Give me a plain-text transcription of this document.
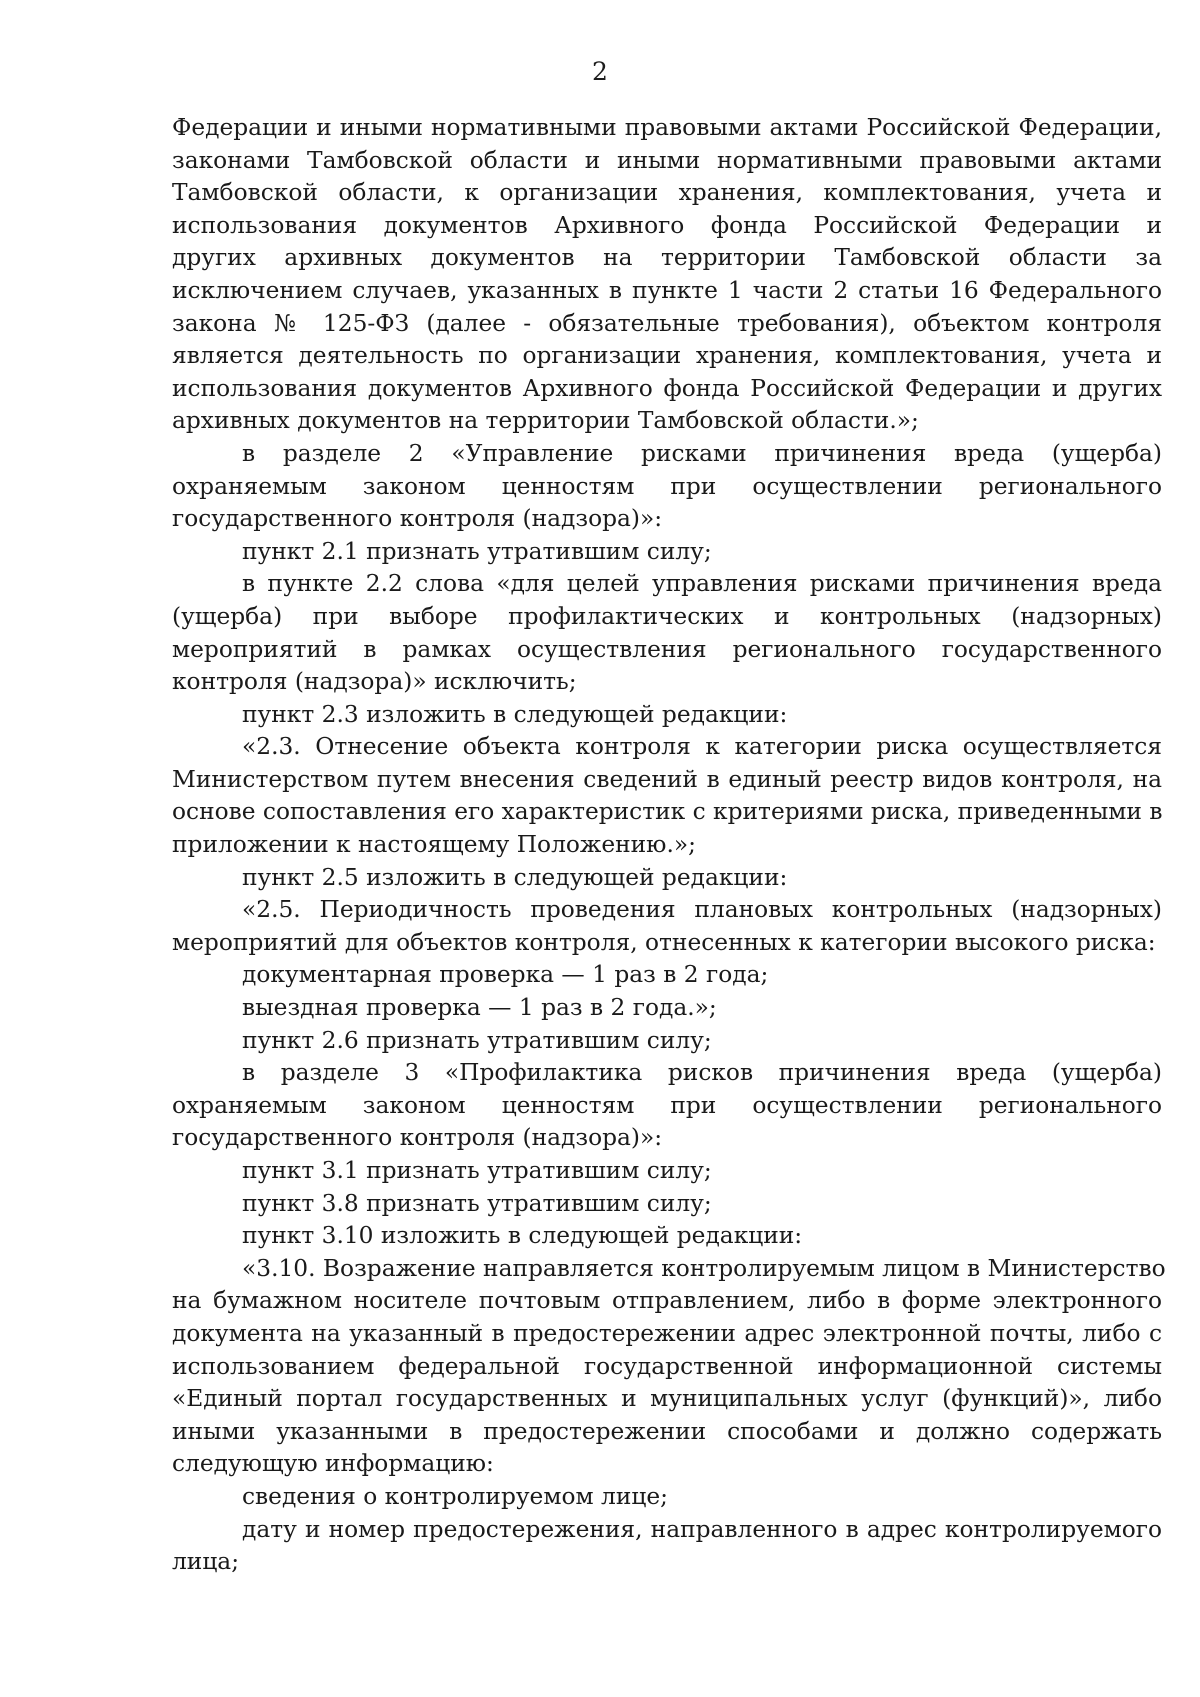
2
Федерации и иными нормативными правовыми актами Российской Федерации,
законами Тамбовской области и иными нормативными правовыми актами
Тамбовской области, к организации хранения, комплектования, учета и
использования документов Архивного фонда Российской Федерации и
других архивных документов на территории Тамбовской области за
исключением случаев, указанных в пункте 1 части 2 статьи 16 Федерального
закона № 125-ФЗ (далее - обязательные требования), объектом контроля
является деятельность по организации хранения, комплектования, учета и
использования документов Архивного фонда Российской Федерации и других
архивных документов на территории Тамбовской области.»;
в разделе 2 «Управление рисками причинения вреда (ущерба)
охраняемым законом ценностям при осуществлении регионального
государственного контроля (надзора)»:
пункт 2.1 признать утратившим силу;
в пункте 2.2 слова «для целей управления рисками причинения вреда
(ущерба) при выборе профилактических и контрольных (надзорных)
мероприятий в рамках осуществления регионального государственного
контроля (надзора)» исключить;
пункт 2.3 изложить в следующей редакции:
«2.3. Отнесение объекта контроля к категории риска осуществляется
Министерством путем внесения сведений в единый реестр видов контроля, на
основе сопоставления его характеристик с критериями риска, приведенными в
приложении к настоящему Положению.»;
пункт 2.5 изложить в следующей редакции:
«2.5. Периодичность проведения плановых контрольных (надзорных)
мероприятий для объектов контроля, отнесенных к категории высокого риска:
документарная проверка — 1 раз в 2 года;
выездная проверка — 1 раз в 2 года.»;
пункт 2.6 признать утратившим силу;
в разделе 3 «Профилактика рисков причинения вреда (ущерба)
охраняемым законом ценностям при осуществлении регионального
государственного контроля (надзора)»:
пункт 3.1 признать утратившим силу;
пункт 3.8 признать утратившим силу;
пункт 3.10 изложить в следующей редакции:
«3.10. Возражение направляется контролируемым лицом в Министерство
на бумажном носителе почтовым отправлением, либо в форме электронного
документа на указанный в предостережении адрес электронной почты, либо с
использованием федеральной государственной информационной системы
«Единый портал государственных и муниципальных услуг (функций)», либо
иными указанными в предостережении способами и должно содержать
следующую информацию:
сведения о контролируемом лице;
дату и номер предостережения, направленного в адрес контролируемого
лица;
